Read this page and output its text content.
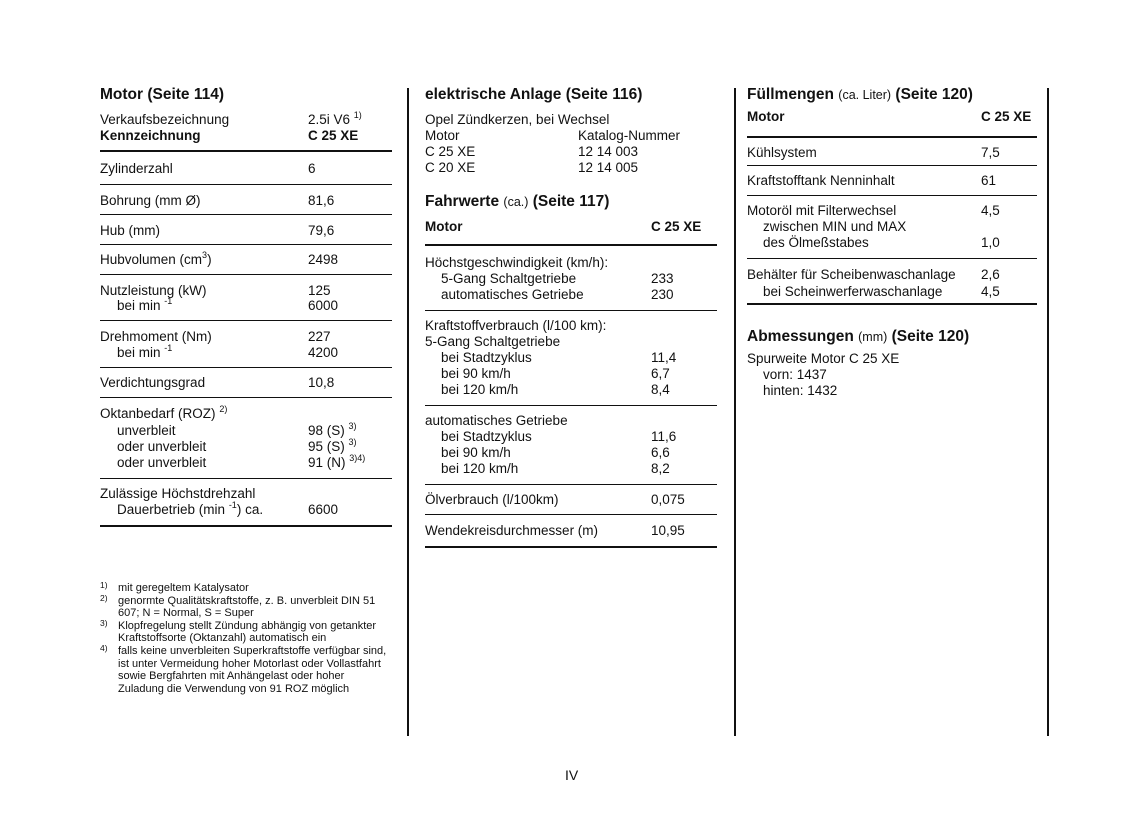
Motor (Seite 114)
Verkaufsbezeichnung	2.5i V6 $^{1)}$
Kennzeichnung	C 25 XE
Zylinderzahl	6
Bohrung (mm Ø)	81,6
Hub (mm)	79,6
Hubvolumen $(cm^3)$	2498
Nutzleistung (kW)	125
bei min $^{-1}$	6000
Drehmoment (Nm)	227
bei min $^{-1}$	4200
Verdichtungsgrad	10,8
Oktanbedarf (ROZ) $^{2)}$
unverbleit	98 (S) $^{3)}$
oder unverbleit	95 (S) $^{3)}$
oder unverbleit	91 (N) $^{3)4)}$
Zulässige Höchstdrehzahl
Dauerbetrieb (min $^{-1}$) ca.	6600
1) mit geregeltem Katalysator
2) genormte Qualitätskraftstoffe, z. B. unverbleit DIN 51 607; N = Normal, S = Super
3) Klopfregelung stellt Zündung abhängig von getankter Kraftstoffsorte (Oktanzahl) automatisch ein
4) falls keine unverbleiten Superkraftstoffe verfügbar sind, ist unter Vermeidung hoher Motorlast oder Vollastfahrt sowie Bergfahrten mit Anhängelast oder hoher Zuladung die Verwendung von 91 ROZ möglich
elektrische Anlage (Seite 116)
Opel Zündkerzen, bei Wechsel
Motor	Katalog-Nummer
C 25 XE	12 14 003
C 20 XE	12 14 005
Fahrwerte (ca.) (Seite 117)
Motor	C 25 XE
Höchstgeschwindigkeit (km/h):
5-Gang Schaltgetriebe	233
automatisches Getriebe	230
Kraftstoffverbrauch (l/100 km):
5-Gang Schaltgetriebe
bei Stadtzyklus	11,4
bei 90 km/h	6,7
bei 120 km/h	8,4
automatisches Getriebe
bei Stadtzyklus	11,6
bei 90 km/h	6,6
bei 120 km/h	8,2
Ölverbrauch (l/100km)	0,075
Wendekreisdurchmesser (m)	10,95
Füllmengen (ca. Liter) (Seite 120)
Motor	C 25 XE
Kühlsystem	7,5
Kraftstofftank Nenninhalt	61
Motoröl mit Filterwechsel	4,5
zwischen MIN und MAX
des Ölmeßstabes	1,0
Behälter für Scheibenwaschanlage 2,6
bei Scheinwerferwaschanlage	4,5
Abmessungen (mm) (Seite 120)
Spurweite Motor C 25 XE
vorn: 1437
hinten: 1432
IV
